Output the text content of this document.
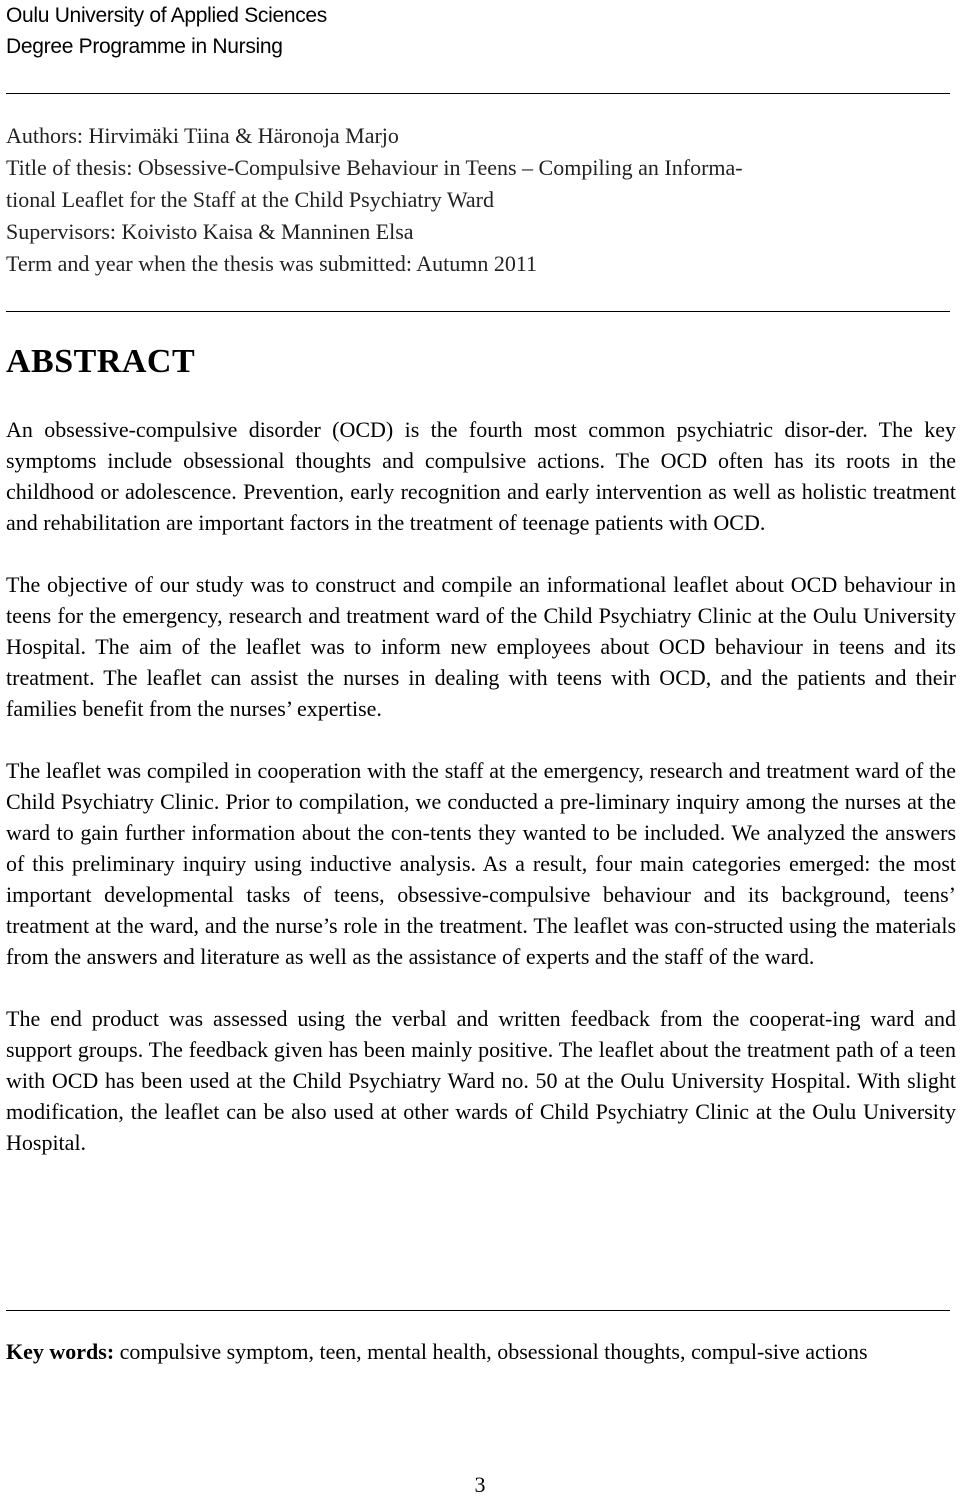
Oulu University of Applied Sciences
Degree Programme in Nursing
Authors: Hirvimäki Tiina & Häronoja Marjo
Title of thesis: Obsessive-Compulsive Behaviour in Teens – Compiling an Informa-
tional Leaflet for the Staff at the Child Psychiatry Ward
Supervisors: Koivisto Kaisa & Manninen Elsa
Term and year when the thesis was submitted: Autumn 2011
ABSTRACT

An obsessive-compulsive disorder (OCD) is the fourth most common psychiatric disor-der. The key symptoms include obsessional thoughts and compulsive actions. The OCD often has its roots in the childhood or adolescence. Prevention, early recognition and early intervention as well as holistic treatment and rehabilitation are important factors in the treatment of teenage patients with OCD.

The objective of our study was to construct and compile an informational leaflet about OCD behaviour in teens for the emergency, research and treatment ward of the Child Psychiatry Clinic at the Oulu University Hospital. The aim of the leaflet was to inform new employees about OCD behaviour in teens and its treatment. The leaflet can assist the nurses in dealing with teens with OCD, and the patients and their families benefit from the nurses’ expertise.

The leaflet was compiled in cooperation with the staff at the emergency, research and treatment ward of the Child Psychiatry Clinic. Prior to compilation, we conducted a pre-liminary inquiry among the nurses at the ward to gain further information about the con-tents they wanted to be included. We analyzed the answers of this preliminary inquiry using inductive analysis. As a result, four main categories emerged: the most important developmental tasks of teens, obsessive-compulsive behaviour and its background, teens’ treatment at the ward, and the nurse’s role in the treatment. The leaflet was con-structed using the materials from the answers and literature as well as the assistance of experts and the staff of the ward.

The end product was assessed using the verbal and written feedback from the cooperat-ing ward and support groups. The feedback given has been mainly positive. The leaflet about the treatment path of a teen with OCD has been used at the Child Psychiatry Ward no. 50 at the Oulu University Hospital. With slight modification, the leaflet can be also used at other wards of Child Psychiatry Clinic at the Oulu University Hospital.

Key words: compulsive symptom, teen, mental health, obsessional thoughts, compul-sive actions
3
